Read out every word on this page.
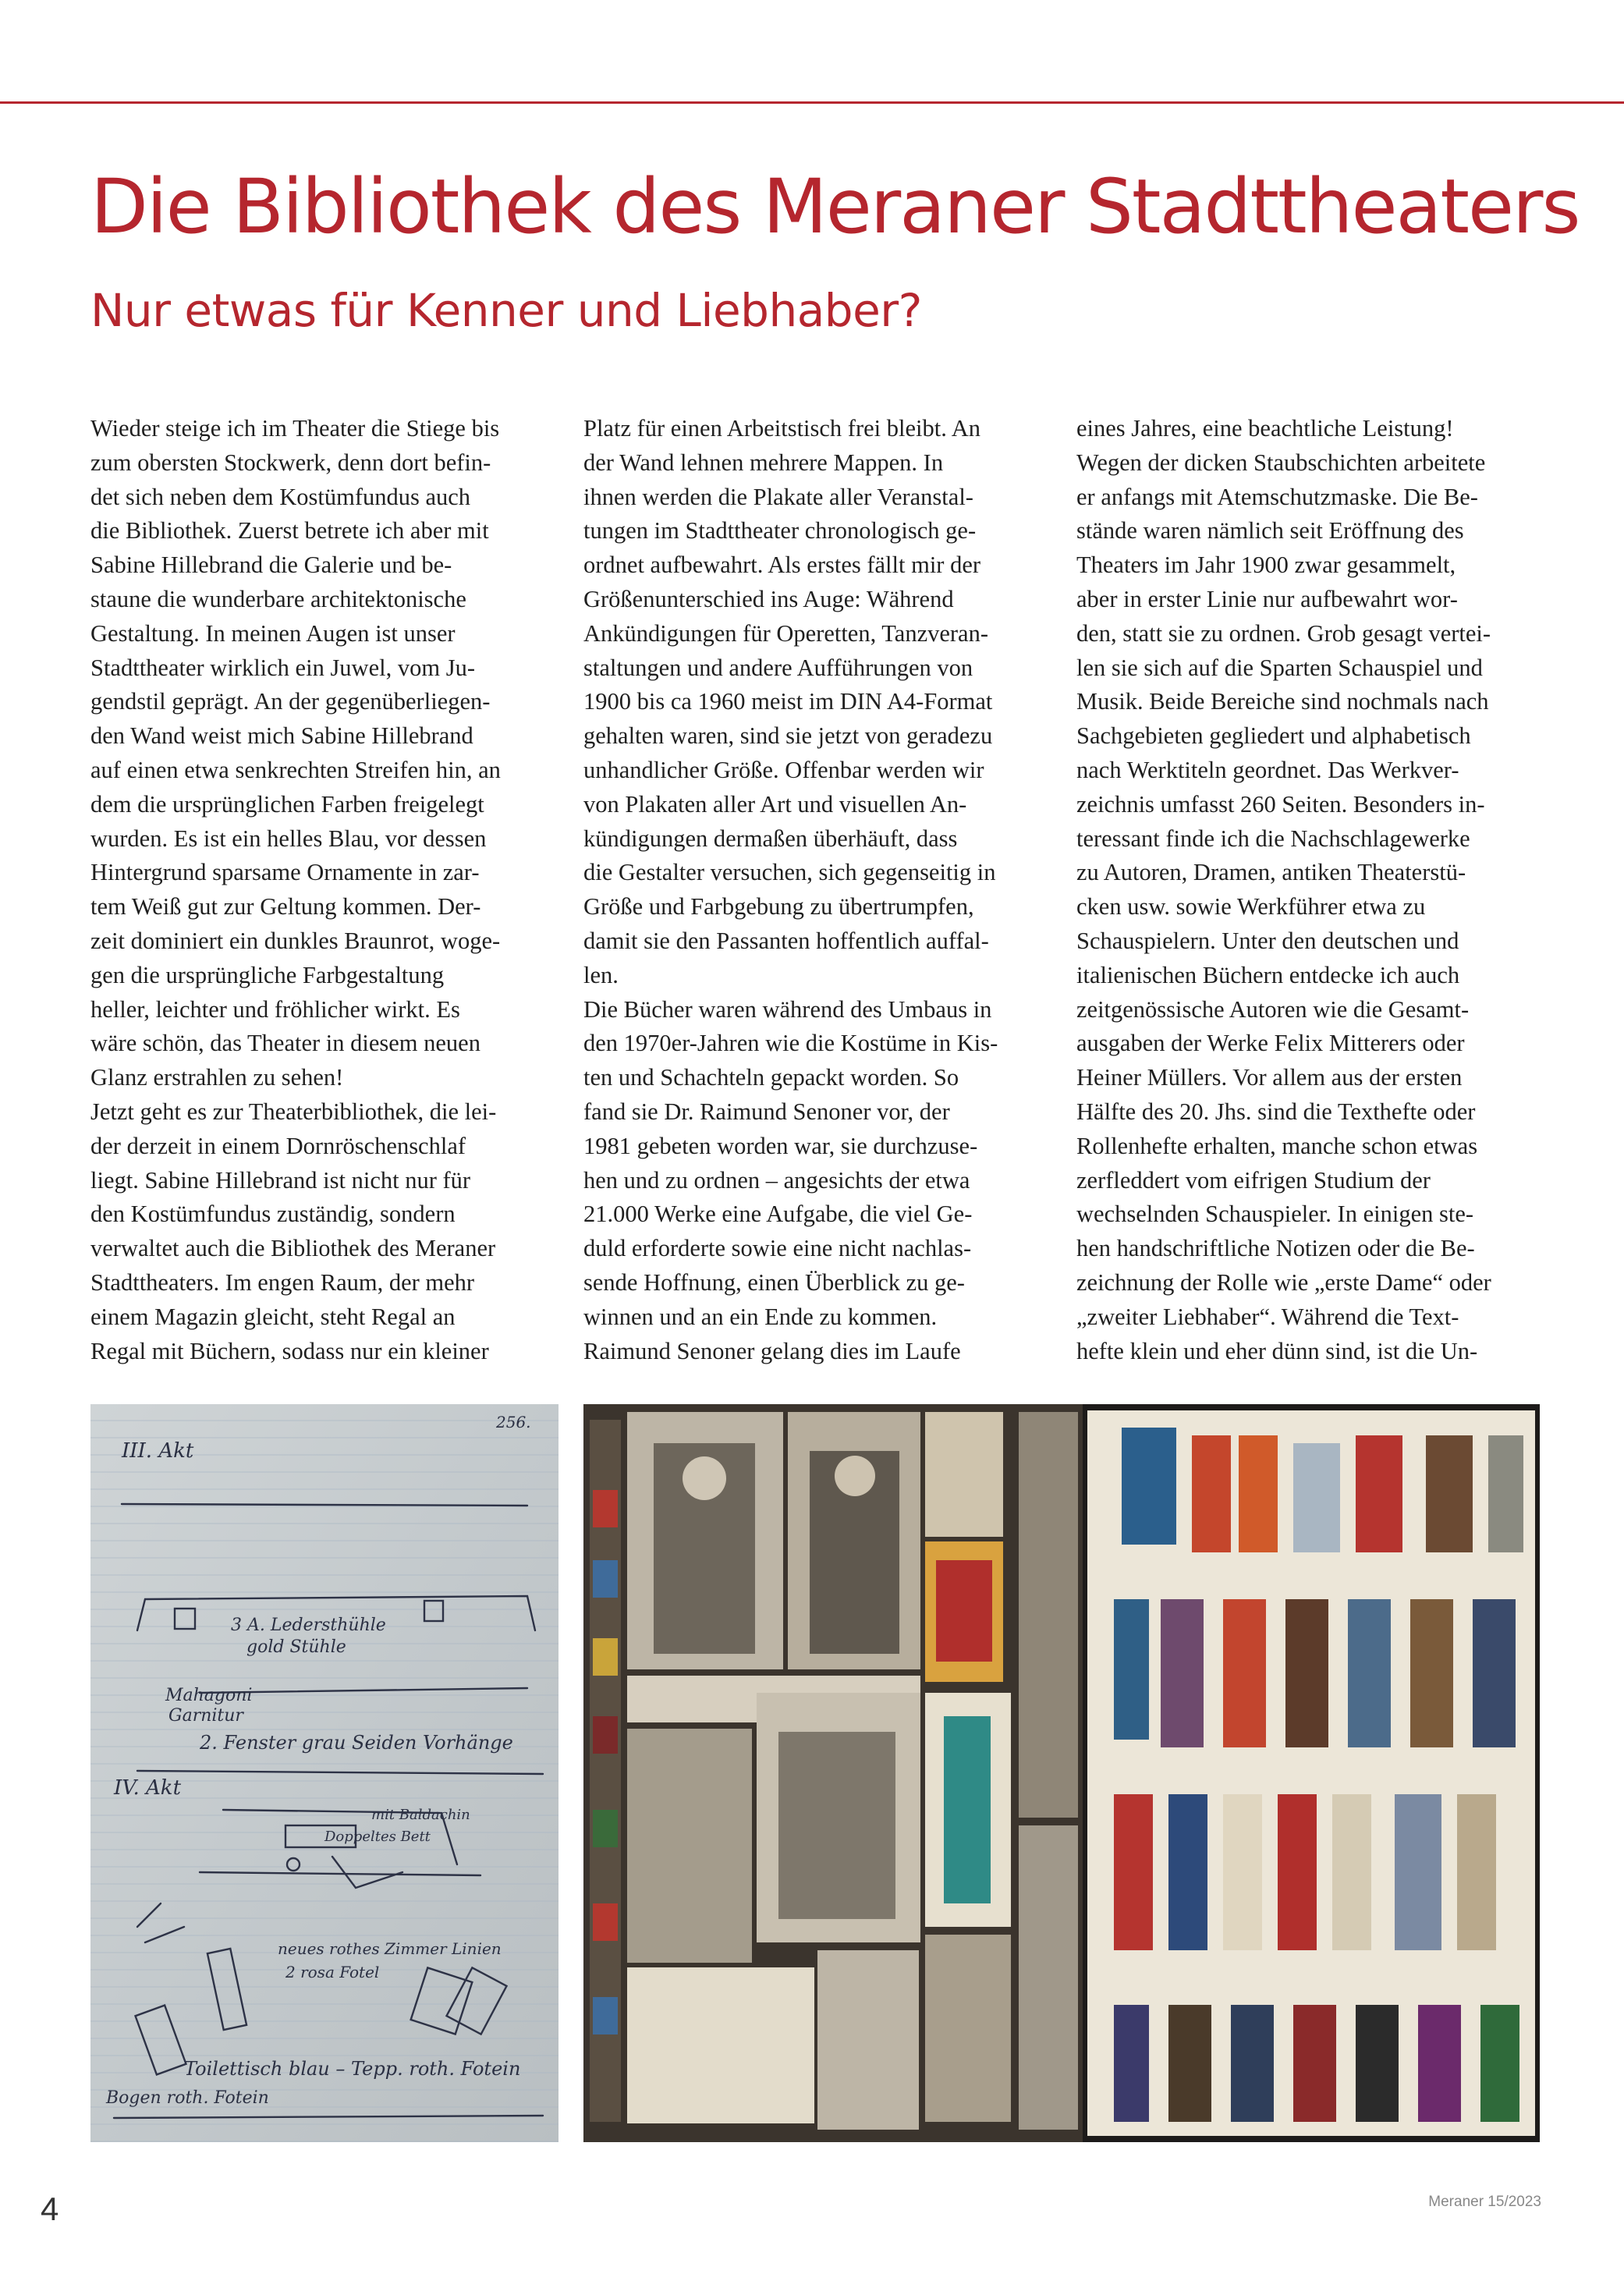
Die Bibliothek des Meraner Stadttheaters
Nur etwas für Kenner und Liebhaber?

Wieder steige ich im Theater die Stiege bis

zum obersten Stockwerk, denn dort befin-

det sich neben dem Kostümfundus auch

die Bibliothek. Zuerst betrete ich aber mit

Sabine Hillebrand die Galerie und be-

staune die wunderbare architektonische

Gestaltung. In meinen Augen ist unser

Stadttheater wirklich ein Juwel, vom Ju-

gendstil geprägt. An der gegenüberliegen-

den Wand weist mich Sabine Hillebrand

auf einen etwa senkrechten Streifen hin, an

dem die ursprünglichen Farben freigelegt

wurden. Es ist ein helles Blau, vor dessen

Hintergrund sparsame Ornamente in zar-

tem Weiß gut zur Geltung kommen. Der-

zeit dominiert ein dunkles Braunrot, woge-

gen die ursprüngliche Farbgestaltung

heller, leichter und fröhlicher wirkt. Es

wäre schön, das Theater in diesem neuen

Glanz erstrahlen zu sehen!

Jetzt geht es zur Theaterbibliothek, die lei-

der derzeit in einem Dornröschenschlaf

liegt. Sabine Hillebrand ist nicht nur für

den Kostümfundus zuständig, sondern

verwaltet auch die Bibliothek des Meraner

Stadttheaters. Im engen Raum, der mehr

einem Magazin gleicht, steht Regal an

Regal mit Büchern, sodass nur ein kleiner

Platz für einen Arbeitstisch frei bleibt. An

der Wand lehnen mehrere Mappen. In

ihnen werden die Plakate aller Veranstal-

tungen im Stadttheater chronologisch ge-

ordnet aufbewahrt. Als erstes fällt mir der

Größenunterschied ins Auge: Während

Ankündigungen für Operetten, Tanzveran-

staltungen und andere Aufführungen von

1900 bis ca 1960 meist im DIN A4-Format

gehalten waren, sind sie jetzt von geradezu

unhandlicher Größe. Offenbar werden wir

von Plakaten aller Art und visuellen An-

kündigungen dermaßen überhäuft, dass

die Gestalter versuchen, sich gegenseitig in

Größe und Farbgebung zu übertrumpfen,

damit sie den Passanten hoffentlich auffal-

len.

Die Bücher waren während des Umbaus in

den 1970er-Jahren wie die Kostüme in Kis-

ten und Schachteln gepackt worden. So

fand sie Dr. Raimund Senoner vor, der

1981 gebeten worden war, sie durchzuse-

hen und zu ordnen – angesichts der etwa

21.000 Werke eine Aufgabe, die viel Ge-

duld erforderte sowie eine nicht nachlas-

sende Hoffnung, einen Überblick zu ge-

winnen und an ein Ende zu kommen.

Raimund Senoner gelang dies im Laufe

eines Jahres, eine beachtliche Leistung!

Wegen der dicken Staubschichten arbeitete

er anfangs mit Atemschutzmaske. Die Be-

stände waren nämlich seit Eröffnung des

Theaters im Jahr 1900 zwar gesammelt,

aber in erster Linie nur aufbewahrt wor-

den, statt sie zu ordnen. Grob gesagt vertei-

len sie sich auf die Sparten Schauspiel und

Musik. Beide Bereiche sind nochmals nach

Sachgebieten gegliedert und alphabetisch

nach Werktiteln geordnet. Das Werkver-

zeichnis umfasst 260 Seiten. Besonders in-

teressant finde ich die Nachschlagewerke

zu Autoren, Dramen, antiken Theaterstü-

cken usw. sowie Werkführer etwa zu

Schauspielern. Unter den deutschen und

italienischen Büchern entdecke ich auch

zeitgenössische Autoren wie die Gesamt-

ausgaben der Werke Felix Mitterers oder

Heiner Müllers. Vor allem aus der ersten

Hälfte des 20. Jhs. sind die Texthefte oder

Rollenhefte erhalten, manche schon etwas

zerfleddert vom eifrigen Studium der

wechselnden Schauspieler. In einigen ste-

hen handschriftliche Notizen oder die Be-

zeichnung der Rolle wie „erste Dame“ oder

„zweiter Liebhaber“. Während die Text-

hefte klein und eher dünn sind, ist die Un-

256.
III. Akt
3 A. Ledersthühle
gold Stühle
Mahagoni
Garnitur
2. Fenster grau Seiden Vorhänge
IV. Akt
Doppeltes Bett
mit Baldachin
neues rothes Zimmer Linien
2 rosa Fotel
Toilettisch blau – Tepp. roth. Fotein
Bogen roth. Fotein
4	Meraner 15/2023
